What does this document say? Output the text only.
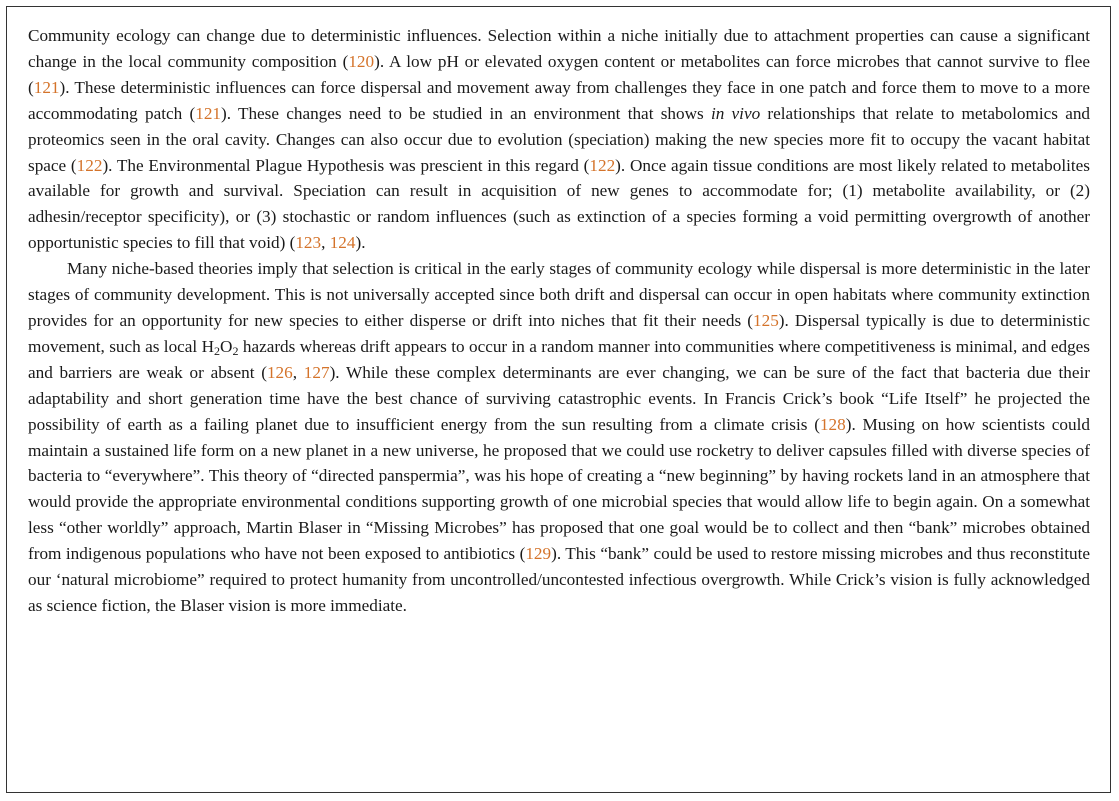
Community ecology can change due to deterministic influences. Selection within a niche initially due to attachment properties can cause a significant change in the local community composition (120). A low pH or elevated oxygen content or metabolites can force microbes that cannot survive to flee (121). These deterministic influences can force dispersal and movement away from challenges they face in one patch and force them to move to a more accommodating patch (121). These changes need to be studied in an environment that shows in vivo relationships that relate to metabolomics and proteomics seen in the oral cavity. Changes can also occur due to evolution (speciation) making the new species more fit to occupy the vacant habitat space (122). The Environmental Plague Hypothesis was prescient in this regard (122). Once again tissue conditions are most likely related to metabolites available for growth and survival. Speciation can result in acquisition of new genes to accommodate for; (1) metabolite availability, or (2) adhesin/receptor specificity), or (3) stochastic or random influences (such as extinction of a species forming a void permitting overgrowth of another opportunistic species to fill that void) (123, 124).

Many niche-based theories imply that selection is critical in the early stages of community ecology while dispersal is more deterministic in the later stages of community development. This is not universally accepted since both drift and dispersal can occur in open habitats where community extinction provides for an opportunity for new species to either disperse or drift into niches that fit their needs (125). Dispersal typically is due to deterministic movement, such as local $H_2O_2$ hazards whereas drift appears to occur in a random manner into communities where competitiveness is minimal, and edges and barriers are weak or absent (126, 127). While these complex determinants are ever changing, we can be sure of the fact that bacteria due their adaptability and short generation time have the best chance of surviving catastrophic events. In Francis Crick’s book “Life Itself” he projected the possibility of earth as a failing planet due to insufficient energy from the sun resulting from a climate crisis (128). Musing on how scientists could maintain a sustained life form on a new planet in a new universe, he proposed that we could use rocketry to deliver capsules filled with diverse species of bacteria to “everywhere”. This theory of “directed panspermia”, was his hope of creating a “new beginning” by having rockets land in an atmosphere that would provide the appropriate environmental conditions supporting growth of one microbial species that would allow life to begin again. On a somewhat less “other worldly” approach, Martin Blaser in “Missing Microbes” has proposed that one goal would be to collect and then “bank” microbes obtained from indigenous populations who have not been exposed to antibiotics (129). This “bank” could be used to restore missing microbes and thus reconstitute our ‘natural microbiome” required to protect humanity from uncontrolled/uncontested infectious overgrowth. While Crick’s vision is fully acknowledged as science fiction, the Blaser vision is more immediate.
